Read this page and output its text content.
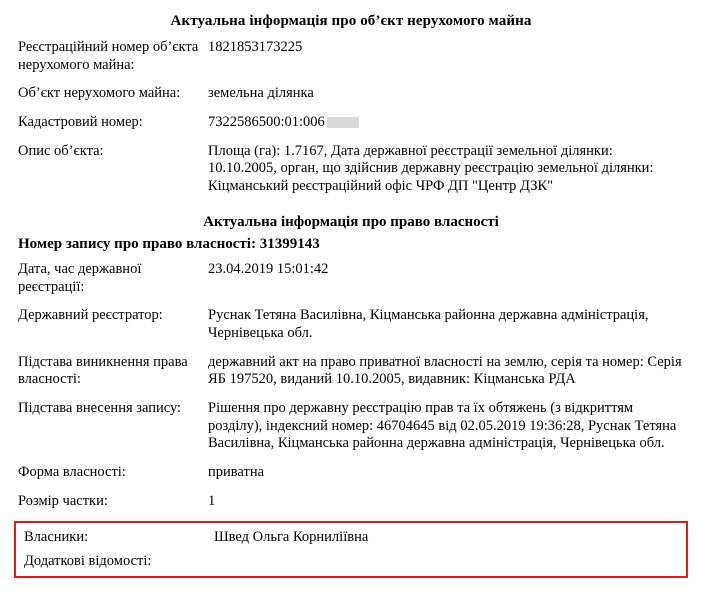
Актуальна інформація про об’єкт нерухомого майна
Реєстраційний номер об’єкта нерухомого майна:	1821853173225
Об’єкт нерухомого майна:	земельна ділянка
Кадастровий номер:	7322586500:01:006
Опис об’єкта:	Площа (га): 1.7167, Дата державної реєстрації земельної ділянки: 10.10.2005, орган, що здійснив державну реєстрацію земельної ділянки: Кіцманський реєстраційний офіс ЧРФ ДП "Центр ДЗК"
Актуальна інформація про право власності
Номер запису про право власності: 31399143
Дата, час державної реєстрації:	23.04.2019 15:01:42
Державний реєстратор:	Руснак Тетяна Василівна, Кіцманська районна державна адміністрація, Чернівецька обл.
Підстава виникнення права власності:	державний акт на право приватної власності на землю, серія та номер: Серія ЯБ 197520, виданий 10.10.2005, видавник: Кіцманська РДА
Підстава внесення запису:	Рішення про державну реєстрацію прав та їх обтяжень (з відкриттям розділу), індексний номер: 46704645 від 02.05.2019 19:36:28, Руснак Тетяна Василівна, Кіцманська районна державна адміністрація, Чернівецька обл.
Форма власності:	приватна
Розмір частки:	1
Власники:	Швед Ольга Корниліївна
Додаткові відомості:	
